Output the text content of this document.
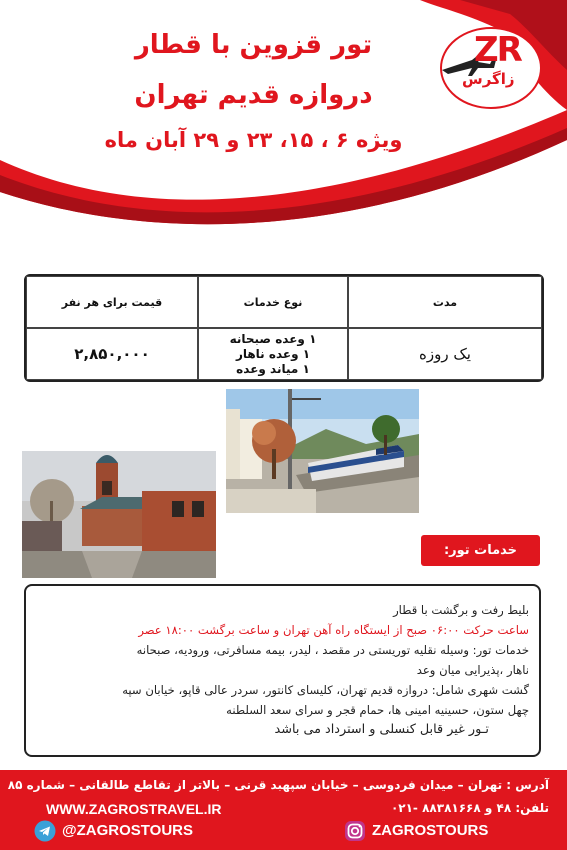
ZR
زاگرس
تور قزوین با قطار
دروازه قدیم تهران
ویژه ۶ ، ۱۵، ۲۳ و ۲۹ آبان ماه
مدت	نوع خدمات	قیمت برای هر نفر
یک روزه	۱ وعده صبحانه
۱ وعده ناهار
۱ میاند وعده	۲,۸۵۰,۰۰۰
خدمات تور:

بلیط رفت و برگشت با قطار

ساعت حرکت ۰۶:۰۰ صبح از ایستگاه راه آهن تهران و ساعت برگشت ۱۸:۰۰ عصر

خدمات تور: وسیله نقلیه توریستی در مقصد ، لیدر، بیمه مسافرتی، ورودیه، صبحانه

ناهار ،پذیرایی میان وعد

گشت شهری شامل: دروازه قدیم تهران، کلیسای کانتور، سردر عالی قاپو، خیابان سپه

چهل ستون، حسینیه امینی ها، حمام قجر و سرای سعد السلطنه

تـور غیر قابل کنسلی و استرداد می باشد

آدرس : تهران – میدان فردوسی – خیابان سپهبد قرنی – بالاتر از تقاطع طالقانی – شماره ۸۵
WWW.ZAGROSTRAVEL.IR	تلفن: ۴۸ و ۸۸۳۸۱۶۶۸ -۰۲۱
@ZAGROSTOURS	ZAGROSTOURS
